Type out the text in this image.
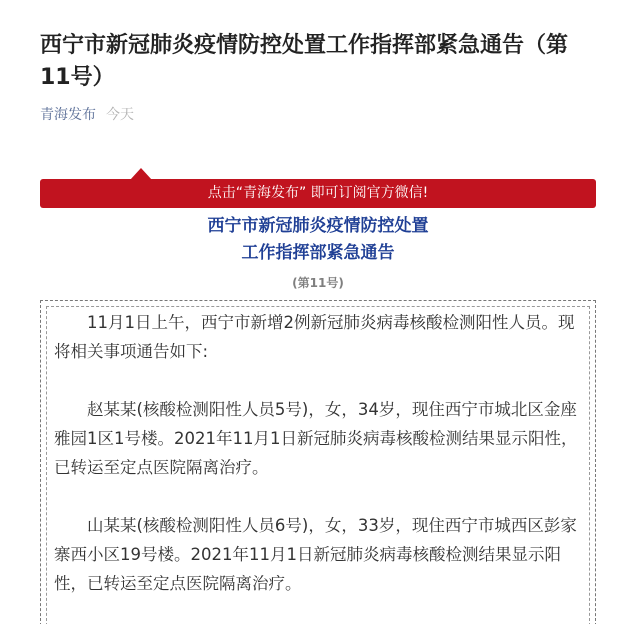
西宁市新冠肺炎疫情防控处置工作指挥部紧急通告（第11号）
青海发布 今天
点击“青海发布” 即可订阅官方微信!
西宁市新冠肺炎疫情防控处置
工作指挥部紧急通告
(第11号)

11月1日上午，西宁市新增2例新冠肺炎病毒核酸检测阳性人员。现将相关事项通告如下:

赵某某(核酸检测阳性人员5号)，女，34岁，现住西宁市城北区金座雅园1区1号楼。2021年11月1日新冠肺炎病毒核酸检测结果显示阳性，已转运至定点医院隔离治疗。

山某某(核酸检测阳性人员6号)，女，33岁，现住西宁市城西区彭家寨西小区19号楼。2021年11月1日新冠肺炎病毒核酸检测结果显示阳性，已转运至定点医院隔离治疗。
